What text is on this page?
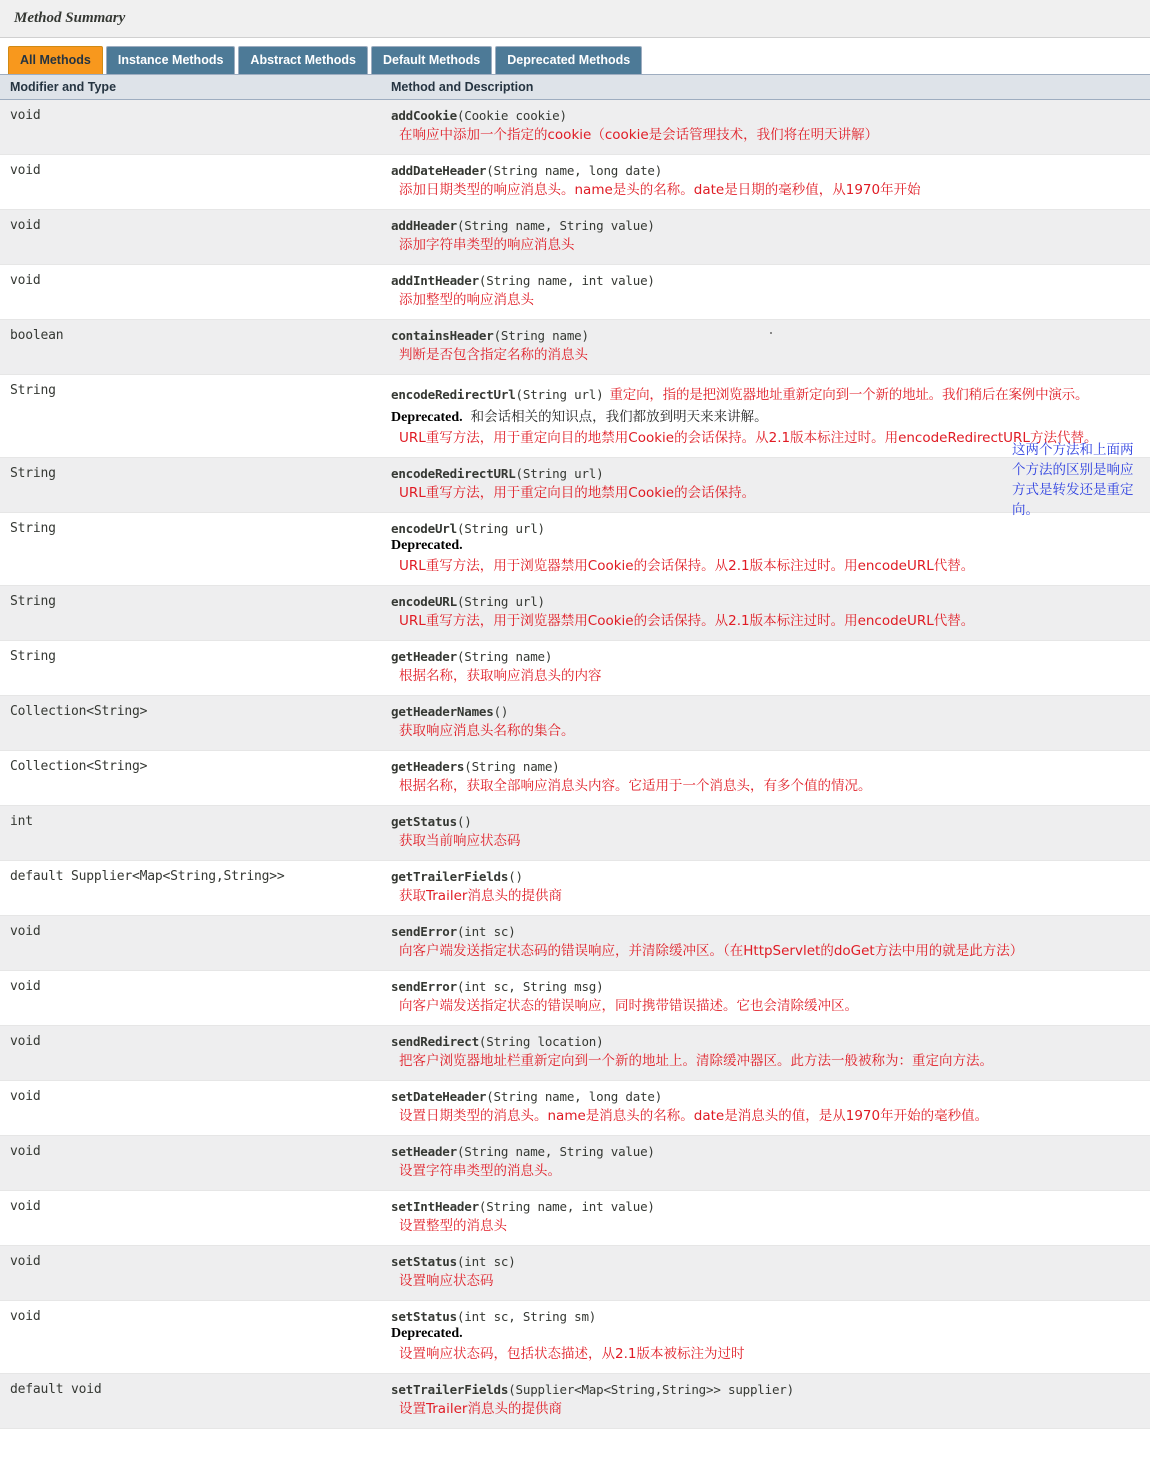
Method Summary
All Methods	Instance Methods	Abstract Methods	Default Methods	Deprecated Methods
Modifier and Type	Method and Description
void	addCookie(Cookie cookie)
在响应中添加一个指定的cookie（cookie是会话管理技术，我们将在明天讲解）

void	addDateHeader(String name, long date)
添加日期类型的响应消息头。name是头的名称。date是日期的毫秒值，从1970年开始

void	addHeader(String name, String value)
添加字符串类型的响应消息头

void	addIntHeader(String name, int value)
添加整型的响应消息头

boolean	containsHeader(String name)
判断是否包含指定名称的消息头

String	encodeRedirectUrl(String url) 重定向，指的是把浏览器地址重新定向到一个新的地址。我们稍后在案例中演示。
Deprecated. 和会话相关的知识点，我们都放到明天来来讲解。
URL重写方法，用于重定向目的地禁用Cookie的会话保持。从2.1版本标注过时。用encodeRedirectURL方法代替。

String	encodeRedirectURL(String url)
URL重写方法，用于重定向目的地禁用Cookie的会话保持。

String	encodeUrl(String url)
Deprecated.
URL重写方法，用于浏览器禁用Cookie的会话保持。从2.1版本标注过时。用encodeURL代替。

String	encodeURL(String url)
URL重写方法，用于浏览器禁用Cookie的会话保持。从2.1版本标注过时。用encodeURL代替。

String	getHeader(String name)
根据名称，获取响应消息头的内容

Collection<String>	getHeaderNames()
获取响应消息头名称的集合。

Collection<String>	getHeaders(String name)
根据名称，获取全部响应消息头内容。它适用于一个消息头，有多个值的情况。

int	getStatus()
获取当前响应状态码

default Supplier<Map<String,String>>	getTrailerFields()
获取Trailer消息头的提供商

void	sendError(int sc)
向客户端发送指定状态码的错误响应，并清除缓冲区。（在HttpServlet的doGet方法中用的就是此方法）

void	sendError(int sc, String msg)
向客户端发送指定状态的错误响应，同时携带错误描述。它也会清除缓冲区。

void	sendRedirect(String location)
把客户浏览器地址栏重新定向到一个新的地址上。清除缓冲器区。此方法一般被称为：重定向方法。

void	setDateHeader(String name, long date)
设置日期类型的消息头。name是消息头的名称。date是消息头的值，是从1970年开始的毫秒值。

void	setHeader(String name, String value)
设置字符串类型的消息头。

void	setIntHeader(String name, int value)
设置整型的消息头

void	setStatus(int sc)
设置响应状态码

void	setStatus(int sc, String sm)
Deprecated.
设置响应状态码，包括状态描述，从2.1版本被标注为过时

default void	setTrailerFields(Supplier<Map<String,String>> supplier)
设置Trailer消息头的提供商
这两个方法和上面两个方法的区别是响应方式是转发还是重定向。
